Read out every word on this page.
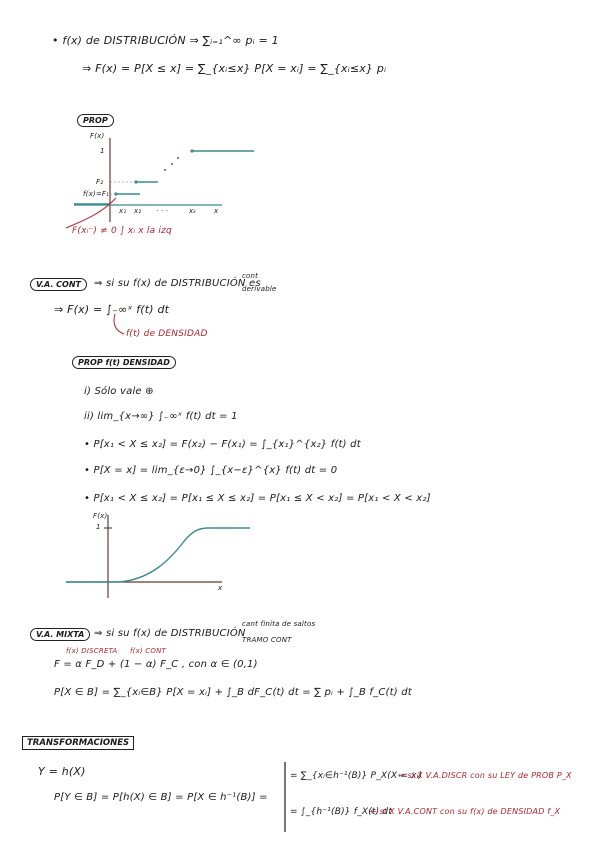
• f(x) de DISTRIBUCIÓN ⇒ ∑ᵢ₌₁^∞ pᵢ = 1
⇒ F(x) = P[X ≤ x] = ∑_{xᵢ≤x} P[X = xᵢ] = ∑_{xᵢ≤x} pᵢ
PROP
F(x)
1
F₂
f(x)=F₁
x₁ x₂ · · ·	xₖ x
F(xᵢ⁻) ≠ 0 ∫ xᵢ x la izq
V.A. CONT	⇒ si su f(x) de DISTRIBUCIÓN es
cont
derivable
⇒ F(x) = ∫₋∞ˣ f(t) dt
f(t) de DENSIDAD
PROP f(t) DENSIDAD
i) Sólo vale ⊕
ii) lim_{x→∞} ∫₋∞ˣ f(t) dt = 1
• P[x₁ < X ≤ x₂] = F(x₂) − F(x₁) = ∫_{x₁}^{x₂} f(t) dt
• P[X = x] = lim_{ε→0} ∫_{x−ε}^{x} f(t) dt = 0
• P[x₁ < X ≤ x₂] = P[x₁ ≤ X ≤ x₂] = P[x₁ ≤ X < x₂] = P[x₁ < X < x₂]
F(x)
1
x
V.A. MIXTA ⇒ si su f(x) de DISTRIBUCIÓN
cant finita de saltos
TRAMO CONT
f(x) DISCRETA f(x) CONT
F = α F_D + (1 − α) F_C , con α ∈ (0,1)
P[X ∈ B] = ∑_{xᵢ∈B} P[X = xᵢ] + ∫_B dF_C(t) dt = ∑ pᵢ + ∫_B f_C(t) dt
TRANSFORMACIONES
Y = h(X)
P[Y ∈ B] = P[h(X) ∈ B] = P[X ∈ h⁻¹(B)] =
= ∑_{xᵢ∈h⁻¹(B)} P_X(X = xᵢ)
← si X V.A.DISCR con su LEY de PROB P_X
= ∫_{h⁻¹(B)} f_X(t) dt
← si X V.A.CONT con su f(x) de DENSIDAD f_X
